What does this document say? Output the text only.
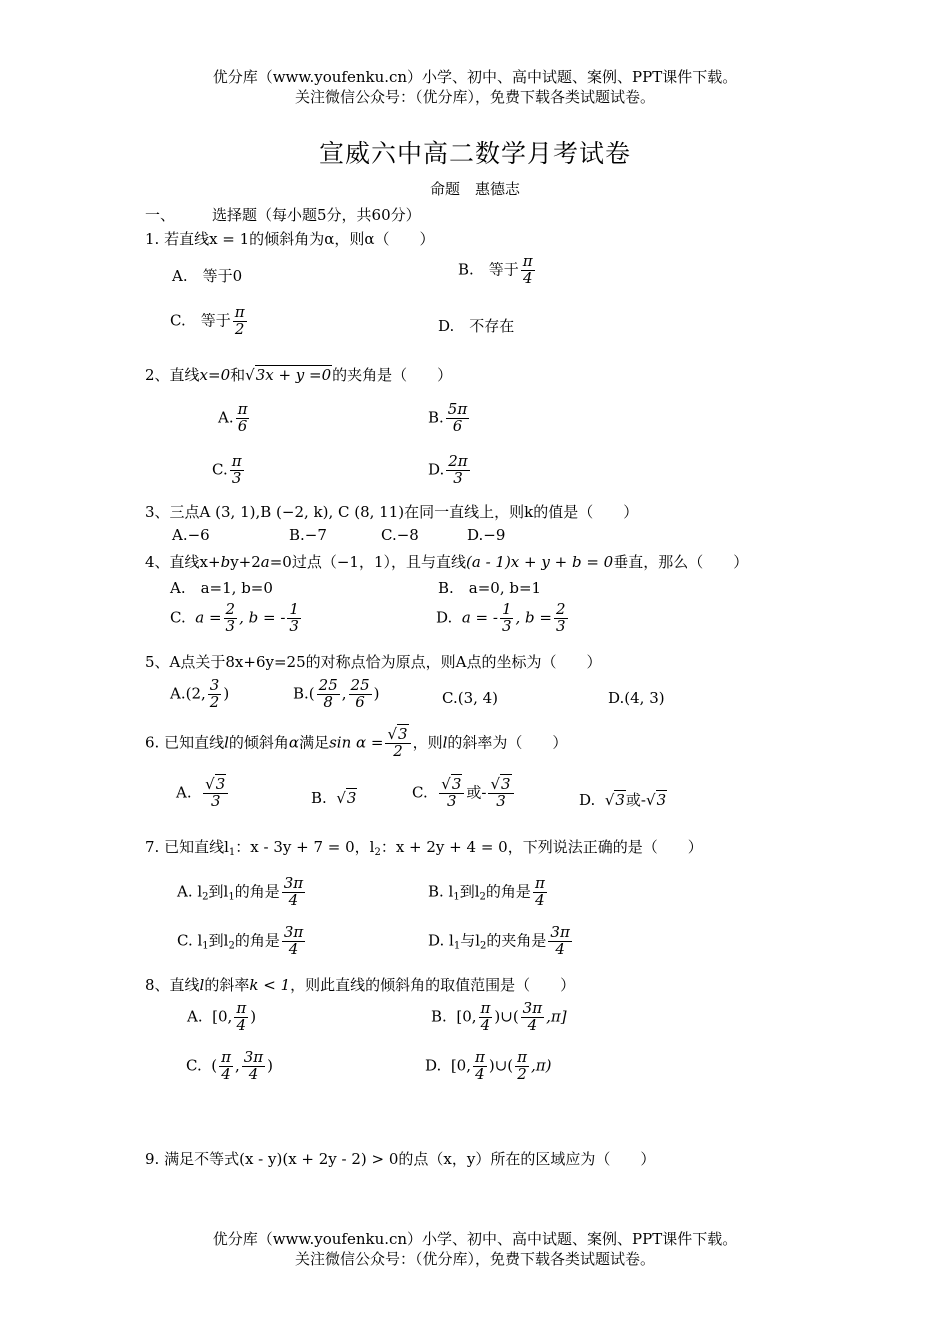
优分库（www.youfenku.cn）小学、初中、高中试题、案例、PPT课件下载。
关注微信公众号：（优分库），免费下载各类试题试卷。
宣威六中高二数学月考试卷
命题　惠德志
一、 选择题（每小题5分，共60分）
1. 若直线x = 1的倾斜角为α，则α（　　）
A.　等于0	B.　等于 $\frac{\pi}{4}$
C.　等于 $\frac{\pi}{2}$	D.　不存在
2、直线x=0和√3x + y =0的夹角是（　　）
A. $\frac{\pi}{6}$	B. $\frac{5\pi}{6}$
C. $\frac{\pi}{3}$	D. $\frac{2\pi}{3}$
3、三点A (3, 1),B (−2, k), C (8, 11)在同一直线上，则k的值是（　　）
A.−6	B.−7	C.−8	D.−9
4、直线x+by+2a=0过点（−1，1），且与直线(a - 1)x + y + b = 0垂直，那么（　　）
A.　a=1, b=0	B.　a=0, b=1
C. $a = \frac{2}{3}$ , b = - $\frac{1}{3}$	D. a = - $\frac{1}{3}$ , $b = \frac{2}{3}$
5、A点关于8x+6y=25的对称点恰为原点，则A点的坐标为（　　）
A.(2, $\frac{3}{2}$ )	$B.( \frac{25}{8}$ , $\frac{25}{6}$ )	C.(3, 4)	D.(4, 3)
6. 已知直线l的倾斜角α满足$\sin \alpha = \frac{√3}{2}$ ，则l的斜率为（　　）
A. $\frac{√3}{3}$	B. √3	C. $\frac{√3}{3}$ 或- $\frac{√3}{3}$	D. √3或-√3
7. 已知直线$l_1$：x - 3y + 7 = 0，$l_2$：x + 2y + 4 = 0，下列说法正确的是（　　）
A. $l_2$到$l_1$的角是 $\frac{3\pi}{4}$	B. $l_1$到$l_2$的角是 $\frac{\pi}{4}$
C. $l_1$到$l_2$的角是 $\frac{3\pi}{4}$	D. $l_1$与$l_2$的夹角是 $\frac{3\pi}{4}$
8、直线l的斜率k < 1，则此直线的倾斜角的取值范围是（　　）
A. [0, $\frac{\pi}{4}$ )	B. [0, $\frac{\pi}{4}$ )∪( $\frac{3\pi}{4} ,\pi$]
C. ( $\frac{\pi}{4}$ , $\frac{3\pi}{4}$ )	D. [0, $\frac{\pi}{4}$ )∪( $\frac{\pi}{2} ,\pi$)
9. 满足不等式(x - y)(x + 2y - 2) > 0的点（x，y）所在的区域应为（　　）
优分库（www.youfenku.cn）小学、初中、高中试题、案例、PPT课件下载。
关注微信公众号：（优分库），免费下载各类试题试卷。
